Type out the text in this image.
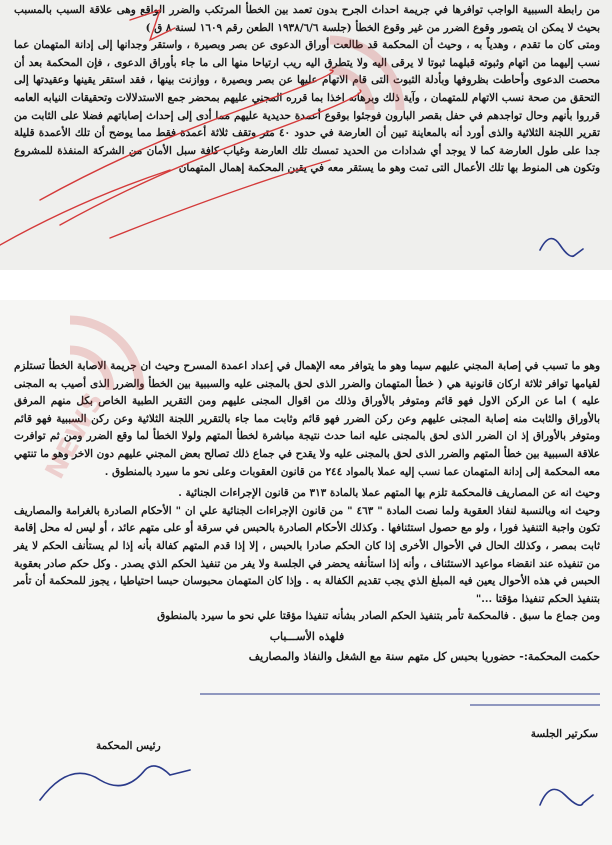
من رابطة السببية الواجب توافرها في جريمة احداث الجرح بدون تعمد بين الخطأ المرتكب والضرر الواقع وهى علاقة السبب بالمسبب بحيث لا يمكن ان يتصور وقوع الضرر من غير وقوع الخطأ (جلسة ١٩٣٨/٦/٦ الطعن رقم ١٦٠٩ لسنة ٨ ق )

ومتى كان ما تقدم ، وهدياً به ، وحيث أن المحكمة قد طالعت أوراق الدعوى عن بصر وبصيرة ، واستقر وجدانها إلى إدانة المتهمان عما نسب إليهما من اتهام وثبوته قبلهما ثبوتا لا يرقى اليه ولا يتطرق اليه ريب ارتياحا منها الى ما جاء بأوراق الدعوى ، فإن المحكمة بعد أن محصت الدعوى وأحاطت بظروفها وبأدلة الثبوت التى قام الاتهام عليها عن بصر وبصيرة ، ووازنت بينها ، فقد استقر يقينها وعقيدتها إلى التحقق من صحة نسب الاتهام للمتهمان ، وآية ذلك وبرهانه اخذا بما قرره المجني عليهم بمحضر جمع الاستدلالات وتحقيقات النيابه العامه قرروا بأنهم وحال تواجدهم في حفل بقصر البارون فوجئوا بوقوع أعمدة حديدية عليهم مما أدى إلى إحداث إصاباتهم فضلا على الثابت من تقرير اللجنة الثلاثية والذى أورد أنه بالمعاينة تبين أن العارضة في حدود ٤٠ متر وتقف ثلاثة أعمدة فقط مما يوضح أن تلك الأعمدة قليلة جدا على طول العارضة كما لا يوجد أي شدادات من الحديد تمسك تلك العارضة وغياب كافة سبل الأمان من الشركة المنفذة للمشروع وتكون هى المنوط بها تلك الأعمال التى تمت وهو ما يستقر معه في يقين المحكمة إهمال المتهمان

وهو ما تسبب في إصابة المجني عليهم سيما وهو ما يتوافر معه الإهمال في إعداد اعمدة المسرح وحيث ان جريمة الاصابة الخطأ تستلزم لقيامها توافر ثلاثة اركان قانونية هي ( خطأ المتهمان والضرر الذى لحق بالمجنى عليه والسببية بين الخطأ والضرر الذى أصيب به المجنى عليه ) اما عن الركن الاول فهو قائم ومتوفر بالأوراق وذلك من اقوال المجنى عليهم ومن التقرير الطبية الخاص بكل منهم المرفق بالأوراق والثابت منه إصابة المجنى عليهم وعن ركن الضرر فهو قائم وثابت مما جاء بالتقرير اللجنة الثلاثية وعن ركن السببية فهو قائم ومتوفر بالأوراق إذ ان الضرر الذى لحق بالمجنى عليه انما حدث نتيجة مباشرة لخطأ المتهم ولولا الخطأ لما وقع الضرر ومن ثم توافرت علاقة السببية بين خطأ المتهم والضرر الذى لحق بالمجنى عليه ولا يقدح في جماع ذلك تصالح بعض المجني عليهم دون الاخر وهو ما تنتهي معه المحكمة إلى إدانة المتهمان عما نسب إليه عملا بالمواد ٢٤٤ من قانون العقوبات وعلى نحو ما سيرد بالمنطوق .

وحيث انه عن المصاريف فالمحكمة تلزم بها المتهم عملا بالمادة ٣١٣ من قانون الإجراءات الجنائية .

وحيث انه وبالنسبة لنفاذ العقوبة ولما نصت المادة " ٤٦٣ " من قانون الإجراءات الجنائية علي ان " الأحكام الصادرة بالغرامة والمصاريف تكون واجبة التنفيذ فورا ، ولو مع حصول استئنافها . وكذلك الأحكام الصادرة بالحبس في سرقة أو على متهم عائد ، أو ليس له محل إقامة ثابت بمصر ، وكذلك الحال في الأحوال الأخرى إذا كان الحكم صادرا بالحبس ، إلا إذا قدم المتهم كفالة بأنه إذا لم يستأنف الحكم لا يفر من تنفيذه عند انقضاء مواعيد الاستئناف ، وأنه إذا استأنفه يحضر في الجلسة ولا يفر من تنفيذ الحكم الذي يصدر . وكل حكم صادر بعقوبة الحبس في هذه الأحوال يعين فيه المبلغ الذي يجب تقديم الكفالة به . وإذا كان المتهمان محبوسان حبسا احتياطيا ، يجوز للمحكمة أن تأمر بتنفيذ الحكم تنفيذا مؤقتا ..."

ومن جماع ما سبق . فالمحكمة تأمر بتنفيذ الحكم الصادر بشأنه تنفيذا مؤقتا علي نحو ما سيرد بالمنطوق

فلهذه الأســـباب

حكمت المحكمة:- حضوريا بحبس كل متهم سنة مع الشغل والنفاذ والمصاريف

سكرتير الجلسة
رئيس المحكمة
NEWS
